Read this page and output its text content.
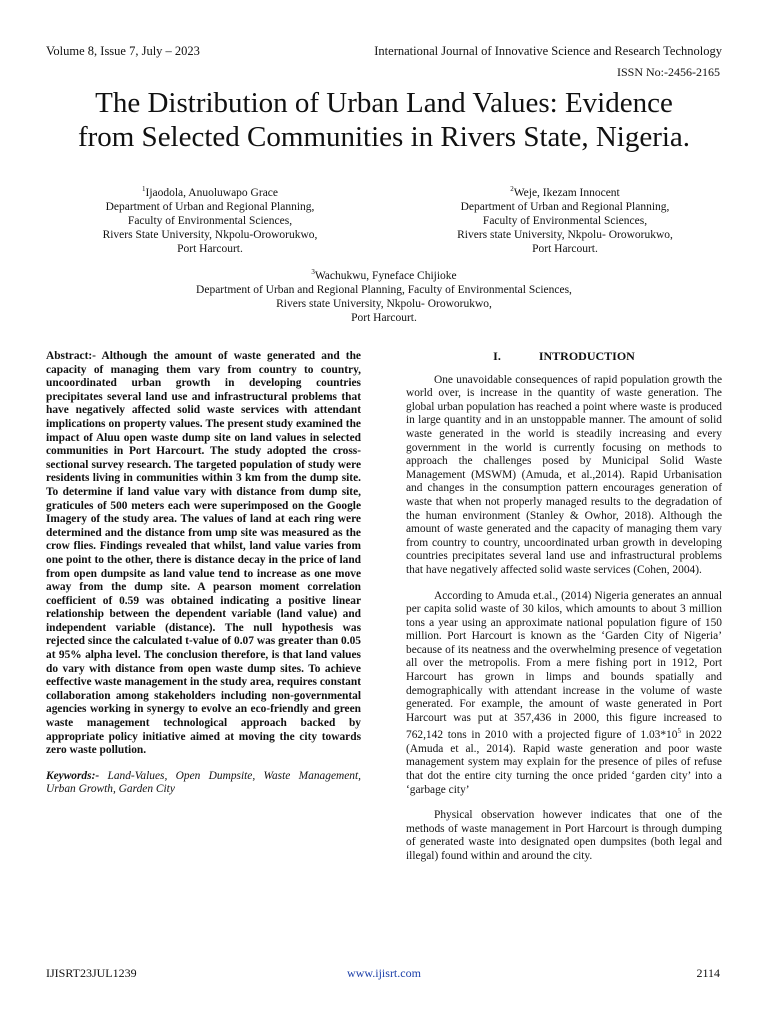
Volume 8, Issue 7, July – 2023	International Journal of Innovative Science and Research Technology
ISSN No:-2456-2165
The Distribution of Urban Land Values: Evidence
from Selected Communities in Rivers State, Nigeria.

$^1$Ijaodola, Anuoluwapo Grace

Department of Urban and Regional Planning,

Faculty of Environmental Sciences,

Rivers State University, Nkpolu-Oroworukwo,

Port Harcourt.

$^2$Weje, Ikezam Innocent

Department of Urban and Regional Planning,

Faculty of Environmental Sciences,

Rivers state University, Nkpolu- Oroworukwo,

Port Harcourt.

$^3$Wachukwu, Fyneface Chijioke

Department of Urban and Regional Planning, Faculty of Environmental Sciences,

Rivers state University, Nkpolu- Oroworukwo,

Port Harcourt.

Abstract:- Although the amount of waste generated and the capacity of managing them vary from country to country, uncoordinated urban growth in developing countries precipitates several land use and infrastructural problems that have negatively affected solid waste services with attendant implications on property values. The present study examined the impact of Aluu open waste dump site on land values in selected communities in Port Harcourt. The study adopted the cross-sectional survey research. The targeted population of study were residents living in communities within 3 km from the dump site. To determine if land value vary with distance from dump site, graticules of 500 meters each were superimposed on the Google Imagery of the study area. The values of land at each ring were determined and the distance from ump site was measured as the crow flies. Findings revealed that whilst, land value varies from one point to the other, there is distance decay in the price of land from open dumpsite as land value tend to increase as one move away from the dump site. A pearson moment correlation coefficient of 0.59 was obtained indicating a positive linear relationship between the dependent variable (land value) and independent variable (distance). The null hypothesis was rejected since the calculated t-value of 0.07 was greater than 0.05 at 95% alpha level. The conclusion therefore, is that land values do vary with distance from open waste dump sites. To achieve eeffective waste management in the study area, requires constant collaboration among stakeholders including non-governmental agencies working in synergy to evolve an eco-friendly and green waste management technological approach backed by appropriate policy initiative aimed at moving the city towards zero waste pollution.

Keywords:- Land-Values, Open Dumpsite, Waste Management, Urban Growth, Garden City

I.	INTRODUCTION

One unavoidable consequences of rapid population growth the world over, is increase in the quantity of waste generation. The global urban population has reached a point where waste is produced in large quantity and in an unstoppable manner. The amount of solid waste generated in the world is steadily increasing and every government in the world is currently focusing on methods to approach the challenges posed by Municipal Solid Waste Management (MSWM) (Amuda, et al.,2014). Rapid Urbanisation and changes in the consumption pattern encourages generation of waste that when not properly managed results to the degradation of the human environment (Stanley & Owhor, 2018). Although the amount of waste generated and the capacity of managing them vary from country to country, uncoordinated urban growth in developing countries precipitates several land use and infrastructural problems that have negatively affected solid waste services (Cohen, 2004).

According to Amuda et.al., (2014) Nigeria generates an annual per capita solid waste of 30 kilos, which amounts to about 3 million tons a year using an approximate national population figure of 150 million. Port Harcourt is known as the ‘Garden City of Nigeria’ because of its neatness and the overwhelming presence of vegetation all over the metropolis. From a mere fishing port in 1912, Port Harcourt has grown in limps and bounds spatially and demographically with attendant increase in the volume of waste generated. For example, the amount of waste generated in Port Harcourt was put at 357,436 in 2000, this figure increased to 762,142 tons in 2010 with a projected figure of $1.03*10^5$ in 2022 (Amuda et al., 2014). Rapid waste generation and poor waste management system may explain for the presence of piles of refuse that dot the entire city turning the once prided ‘garden city’ into a ‘garbage city’

Physical observation however indicates that one of the methods of waste management in Port Harcourt is through dumping of generated waste into designated open dumpsites (both legal and illegal) found within and around the city.

IJISRT23JUL1239	www.ijisrt.com	2114
